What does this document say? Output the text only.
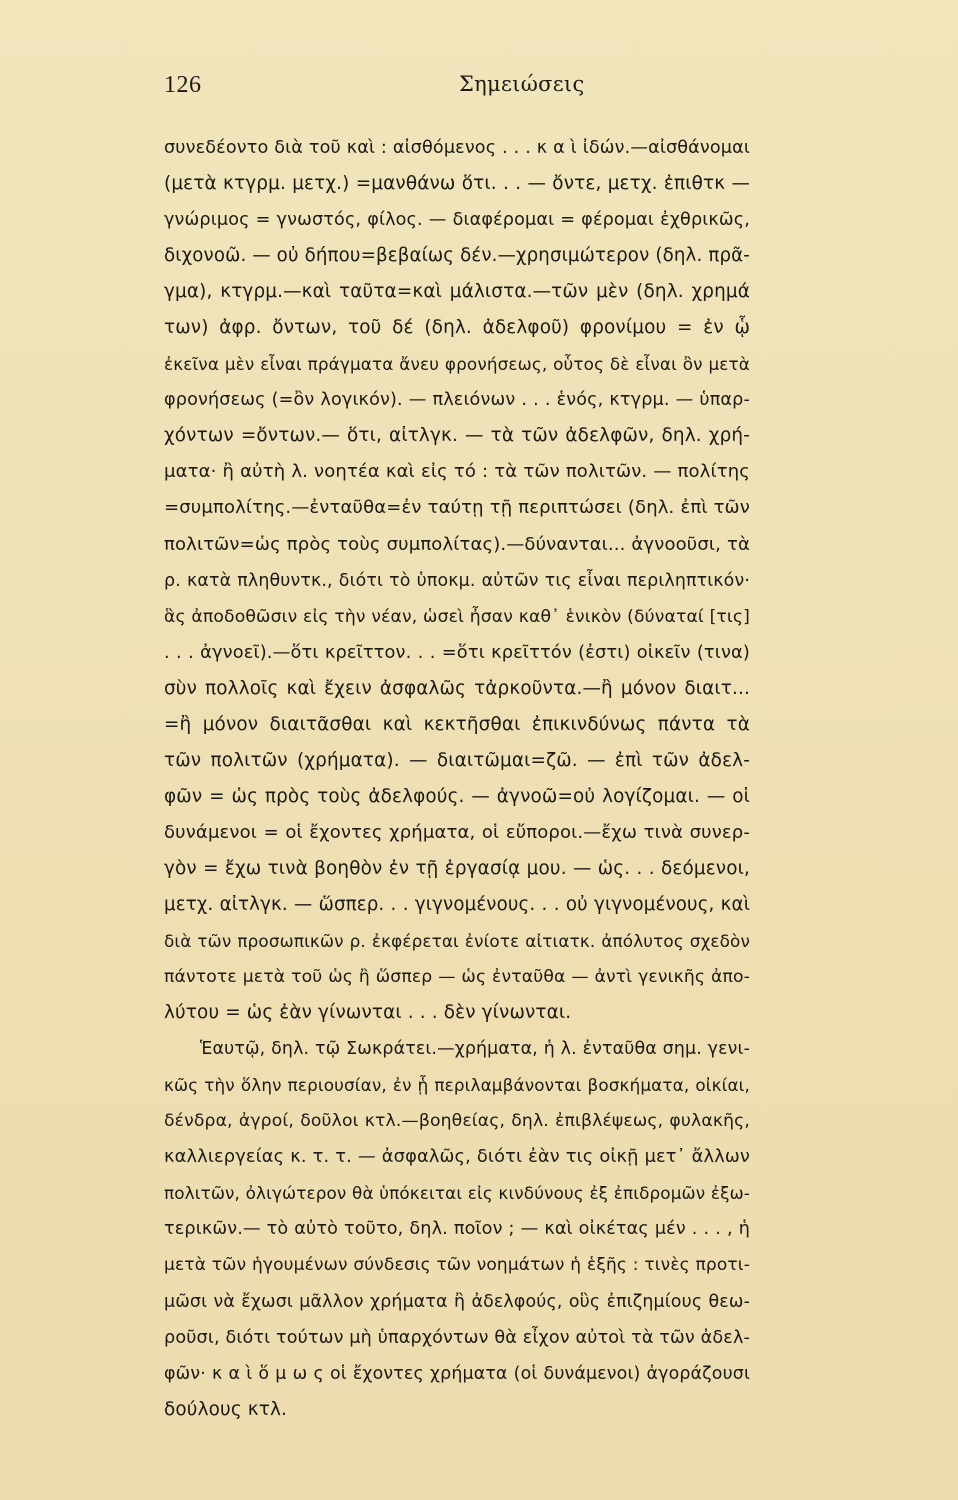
126	Σημειώσεις
συνεδέοντο διὰ τοῦ καὶ : αἰσθόμενος . . . κ α ὶ ἰδών.—αἰσθάνομαι
(μετὰ κτγρμ. μετχ.) =μανθάνω ὅτι. . . — ὄντε, μετχ. ἐπιθτκ —
γνώριμος = γνωστός, φίλος. — διαφέρομαι = φέρομαι ἐχθρικῶς,
διχονοῶ. — οὐ δήπου=βεβαίως δέν.—χρησιμώτερον (δηλ. πρᾶ-
γμα), κτγρμ.—καὶ ταῦτα=καὶ μάλιστα.—τῶν μὲν (δηλ. χρημά
των) ἀφρ. ὄντων, τοῦ δέ (δηλ. ἀδελφοῦ) φρονίμου = ἐν ᾧ
ἐκεῖνα μὲν εἶναι πράγματα ἄνευ φρονήσεως, οὗτος δὲ εἶναι ὂν μετὰ
φρονήσεως (=ὂν λογικόν). — πλειόνων . . . ἑνός, κτγρμ. — ὑπαρ-
χόντων =ὄντων.— ὅτι, αἰτλγκ. — τὰ τῶν ἀδελφῶν, δηλ. χρή-
ματα· ἢ αὐτὴ λ. νοητέα καὶ εἰς τό : τὰ τῶν πολιτῶν. — πολίτης
=συμπολίτης.—ἐνταῦθα=ἐν ταύτῃ τῇ περιπτώσει (δηλ. ἐπὶ τῶν
πολιτῶν=ὡς πρὸς τοὺς συμπολίτας).—δύνανται... ἀγνοοῦσι, τὰ
ρ. κατὰ πληθυντκ., διότι τὸ ὑποκμ. αὐτῶν τις εἶναι περιληπτικόν·
ἃς ἀποδοθῶσιν εἰς τὴν νέαν, ὡσεὶ ἦσαν καθ᾽ ἑνικὸν (δύναταί [τις]
. . . ἀγνοεῖ).—ὅτι κρεῖττον. . . =ὅτι κρεῖττόν (ἐστι) οἰκεῖν (τινα)
σὺν πολλοῖς καὶ ἔχειν ἀσφαλῶς τἀρκοῦντα.—ἢ μόνον διαιτ...
=ἢ μόνον διαιτᾶσθαι καὶ κεκτῆσθαι ἐπικινδύνως πάντα τὰ
τῶν πολιτῶν (χρήματα). — διαιτῶμαι=ζῶ. — ἐπὶ τῶν ἀδελ-
φῶν = ὡς πρὸς τοὺς ἀδελφούς. — ἀγνοῶ=οὐ λογίζομαι. — οἱ
δυνάμενοι = οἱ ἔχοντες χρήματα, οἱ εὔποροι.—ἔχω τινὰ συνερ-
γὸν = ἔχω τινὰ βοηθὸν ἐν τῇ ἐργασίᾳ μου. — ὡς. . . δεόμενοι,
μετχ. αἰτλγκ. — ὥσπερ. . . γιγνομένους. . . οὐ γιγνομένους, καὶ
διὰ τῶν προσωπικῶν ρ. ἐκφέρεται ἐνίοτε αἰτιατκ. ἀπόλυτος σχεδὸν
πάντοτε μετὰ τοῦ ὡς ἢ ὥσπερ — ὡς ἐνταῦθα — ἀντὶ γενικῆς ἀπο-
λύτου = ὡς ἐὰν γίνωνται . . . δὲν γίνωνται.
Ἑαυτῷ, δηλ. τῷ Σωκράτει.—χρήματα, ἡ λ. ἐνταῦθα σημ. γενι-
κῶς τὴν ὅλην περιουσίαν, ἐν ᾗ περιλαμβάνονται βοσκήματα, οἰκίαι,
δένδρα, ἀγροί, δοῦλοι κτλ.—βοηθείας, δηλ. ἐπιβλέψεως, φυλακῆς,
καλλιεργείας κ. τ. τ. — ἀσφαλῶς, διότι ἐὰν τις οἰκῇ μετ᾽ ἄλλων
πολιτῶν, ὀλιγώτερον θὰ ὑπόκειται εἰς κινδύνους ἐξ ἐπιδρομῶν ἐξω-
τερικῶν.— τὸ αὐτὸ τοῦτο, δηλ. ποῖον ; — καὶ οἰκέτας μέν . . . , ἡ
μετὰ τῶν ἡγουμένων σύνδεσις τῶν νοημάτων ἡ ἑξῆς : τινὲς προτι-
μῶσι νὰ ἔχωσι μᾶλλον χρήματα ἢ ἀδελφούς, οὓς ἐπιζημίους θεω-
ροῦσι, διότι τούτων μὴ ὑπαρχόντων θὰ εἶχον αὐτοὶ τὰ τῶν ἀδελ-
φῶν· κ α ὶ ὅ μ ω ς οἱ ἔχοντες χρήματα (οἱ δυνάμενοι) ἀγοράζουσι
δούλους κτλ.
